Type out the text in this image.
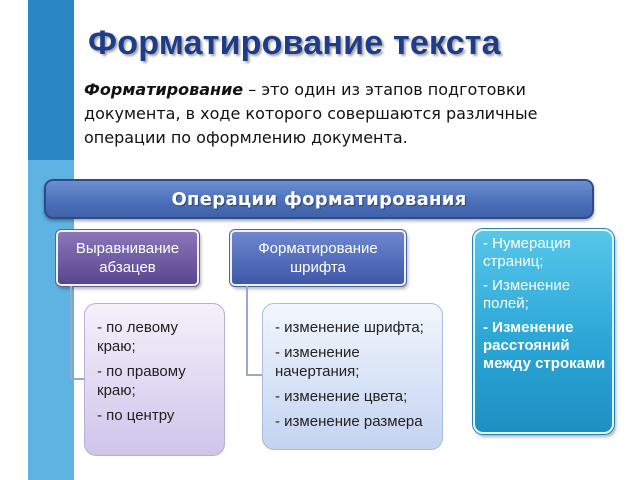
Форматирование текста
Форматирование – это один из этапов подготовки документа, в ходе которого совершаются различные операции по оформлению документа.
Операции форматирования
Выравнивание абзацев
Форматирование шрифта
- по левому краю;
- по правому краю;
- по центру
- изменение шрифта;
- изменение начертания;
- изменение цвета;
- изменение размера
- Нумерация страниц;
- Изменение полей;
- Изменение расстояний между строками
